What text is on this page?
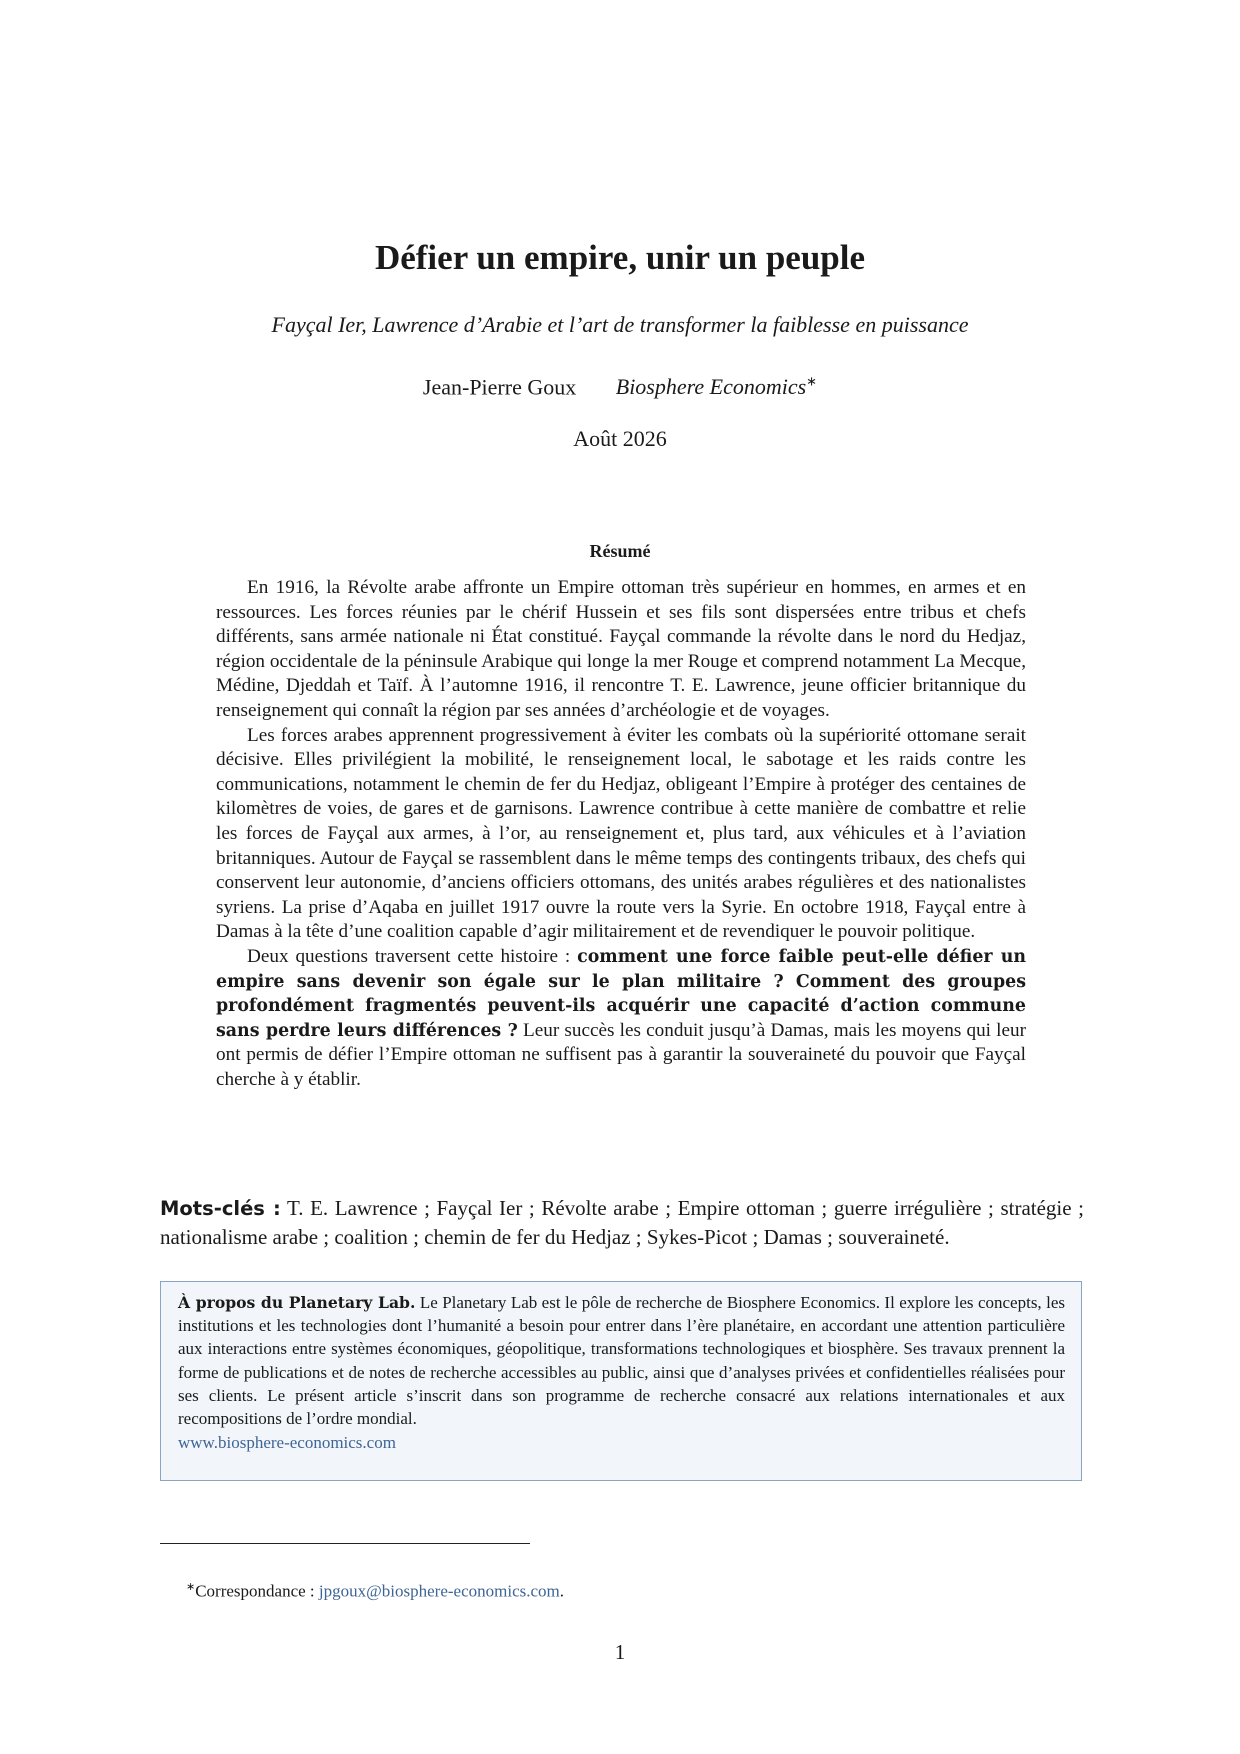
Défier un empire, unir un peuple
Fayçal Ier, Lawrence d’Arabie et l’art de transformer la faiblesse en puissance
Jean-Pierre Goux Biosphere Economics∗
Août 2026
Résumé

En 1916, la Révolte arabe affronte un Empire ottoman très supérieur en hommes, en armes et en ressources. Les forces réunies par le chérif Hussein et ses fils sont dispersées entre tribus et chefs différents, sans armée nationale ni État constitué. Fayçal commande la révolte dans le nord du Hedjaz, région occidentale de la péninsule Arabique qui longe la mer Rouge et comprend notamment La Mecque, Médine, Djeddah et Taïf. À l’automne 1916, il rencontre T. E. Lawrence, jeune officier britannique du renseignement qui connaît la région par ses années d’archéologie et de voyages.

Les forces arabes apprennent progressivement à éviter les combats où la supériorité ottomane serait décisive. Elles privilégient la mobilité, le renseignement local, le sabotage et les raids contre les communications, notamment le chemin de fer du Hedjaz, obligeant l’Empire à protéger des centaines de kilomètres de voies, de gares et de garnisons. Lawrence contribue à cette manière de combattre et relie les forces de Fayçal aux armes, à l’or, au renseignement et, plus tard, aux véhicules et à l’aviation britanniques. Autour de Fayçal se rassemblent dans le même temps des contingents tribaux, des chefs qui conservent leur autonomie, d’anciens officiers ottomans, des unités arabes régulières et des nationalistes syriens. La prise d’Aqaba en juillet 1917 ouvre la route vers la Syrie. En octobre 1918, Fayçal entre à Damas à la tête d’une coalition capable d’agir militairement et de revendiquer le pouvoir politique.

Deux questions traversent cette histoire : comment une force faible peut-elle défier un empire sans devenir son égale sur le plan militaire ? Comment des groupes profondément fragmentés peuvent-ils acquérir une capacité d’action commune sans perdre leurs différences ? Leur succès les conduit jusqu’à Damas, mais les moyens qui leur ont permis de défier l’Empire ottoman ne suffisent pas à garantir la souveraineté du pouvoir que Fayçal cherche à y établir.

Mots-clés : T. E. Lawrence ; Fayçal Ier ; Révolte arabe ; Empire ottoman ; guerre irrégulière ; stratégie ; nationalisme arabe ; coalition ; chemin de fer du Hedjaz ; Sykes-Picot ; Damas ; souveraineté.
À propos du Planetary Lab. Le Planetary Lab est le pôle de recherche de Biosphere Economics. Il explore les concepts, les institutions et les technologies dont l’humanité a besoin pour entrer dans l’ère planétaire, en accordant une attention particulière aux interactions entre systèmes économiques, géopolitique, transformations technologiques et biosphère. Ses travaux prennent la forme de publications et de notes de recherche accessibles au public, ainsi que d’analyses privées et confidentielles réalisées pour ses clients. Le présent article s’inscrit dans son programme de recherche consacré aux relations internationales et aux recompositions de l’ordre mondial.
www.biosphere-economics.com
∗Correspondance : jpgoux@biosphere-economics.com.
1
